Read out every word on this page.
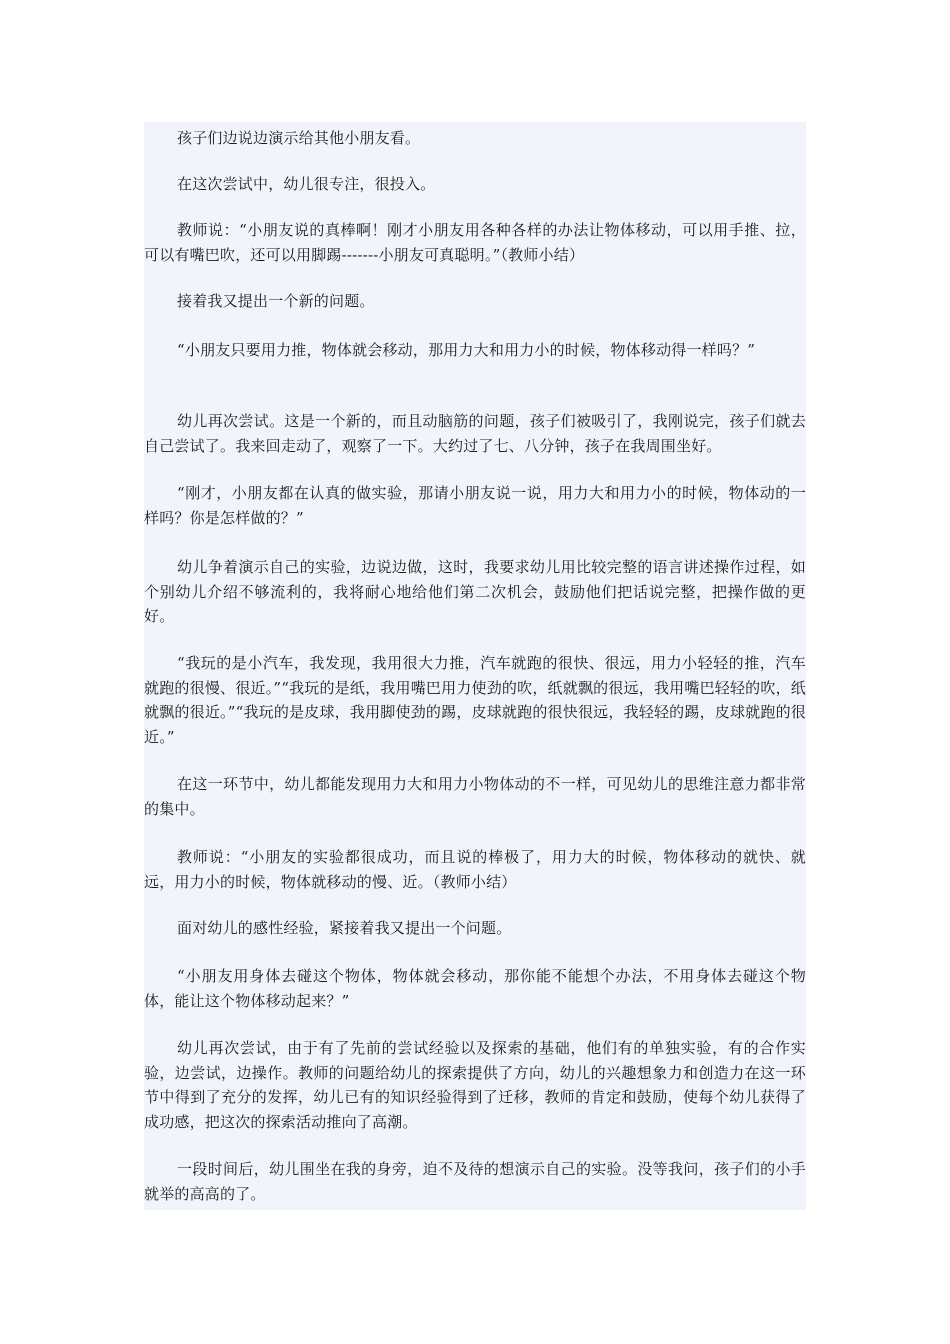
孩子们边说边演示给其他小朋友看。

在这次尝试中，幼儿很专注，很投入。

教师说：“小朋友说的真棒啊！刚才小朋友用各种各样的办法让物体移动，可以用手推、拉，可以有嘴巴吹，还可以用脚踢-------小朋友可真聪明。”（教师小结）

接着我又提出一个新的问题。

“小朋友只要用力推，物体就会移动，那用力大和用力小的时候，物体移动得一样吗？”

幼儿再次尝试。这是一个新的，而且动脑筋的问题，孩子们被吸引了，我刚说完，孩子们就去自己尝试了。我来回走动了，观察了一下。大约过了七、八分钟，孩子在我周围坐好。

“刚才，小朋友都在认真的做实验，那请小朋友说一说，用力大和用力小的时候，物体动的一样吗？你是怎样做的？”

幼儿争着演示自己的实验，边说边做，这时，我要求幼儿用比较完整的语言讲述操作过程，如个别幼儿介绍不够流利的，我将耐心地给他们第二次机会，鼓励他们把话说完整，把操作做的更好。

“我玩的是小汽车，我发现，我用很大力推，汽车就跑的很快、很远，用力小轻轻的推，汽车就跑的很慢、很近。”“我玩的是纸，我用嘴巴用力使劲的吹，纸就飘的很远，我用嘴巴轻轻的吹，纸就飘的很近。”“我玩的是皮球，我用脚使劲的踢，皮球就跑的很快很远，我轻轻的踢，皮球就跑的很近。”

在这一环节中，幼儿都能发现用力大和用力小物体动的不一样，可见幼儿的思维注意力都非常的集中。

教师说：“小朋友的实验都很成功，而且说的棒极了，用力大的时候，物体移动的就快、就远，用力小的时候，物体就移动的慢、近。（教师小结）

面对幼儿的感性经验，紧接着我又提出一个问题。

“小朋友用身体去碰这个物体，物体就会移动，那你能不能想个办法，不用身体去碰这个物体，能让这个物体移动起来？”

幼儿再次尝试，由于有了先前的尝试经验以及探索的基础，他们有的单独实验，有的合作实验，边尝试，边操作。教师的问题给幼儿的探索提供了方向，幼儿的兴趣想象力和创造力在这一环节中得到了充分的发挥，幼儿已有的知识经验得到了迁移，教师的肯定和鼓励，使每个幼儿获得了成功感，把这次的探索活动推向了高潮。

一段时间后，幼儿围坐在我的身旁，迫不及待的想演示自己的实验。没等我问，孩子们的小手就举的高高的了。
